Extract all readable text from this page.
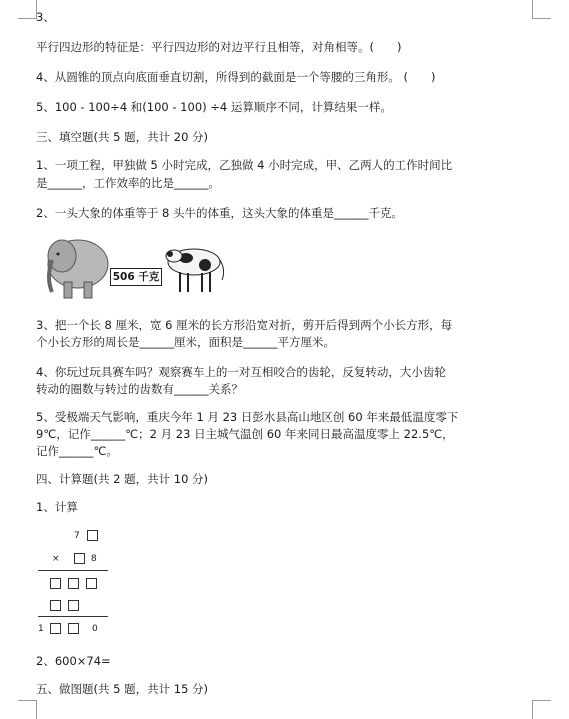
3、
平行四边形的特征是：平行四边形的对边平行且相等，对角相等。(　　)
4、从圆锥的顶点向底面垂直切割，所得到的截面是一个等腰的三角形。 (　　)
5、100 - 100÷4 和(100 - 100) ÷4 运算顺序不同，计算结果一样。
三、填空题(共 5 题，共计 20 分)
1、一项工程，甲独做 5 小时完成，乙独做 4 小时完成，甲、乙两人的工作时间比
是______，工作效率的比是______。
2、一头大象的体重等于 8 头牛的体重，这头大象的体重是______千克。
506 千克
3、把一个长 8 厘米，宽 6 厘米的长方形沿宽对折，剪开后得到两个小长方形，每
个小长方形的周长是______厘米，面积是______平方厘米。
4、你玩过玩具赛车吗？观察赛车上的一对互相咬合的齿轮，反复转动，大小齿轮
转动的圈数与转过的齿数有______关系？
5、受极端天气影响，重庆今年 1 月 23 日彭水县高山地区创 60 年来最低温度零下
9℃，记作______℃；2 月 23 日主城气温创 60 年来同日最高温度零上 22.5℃，
记作______℃。
四、计算题(共 2 题，共计 10 分)
1、计算
7
×	8
1	0
2、600×74=
五、做图题(共 5 题，共计 15 分)
